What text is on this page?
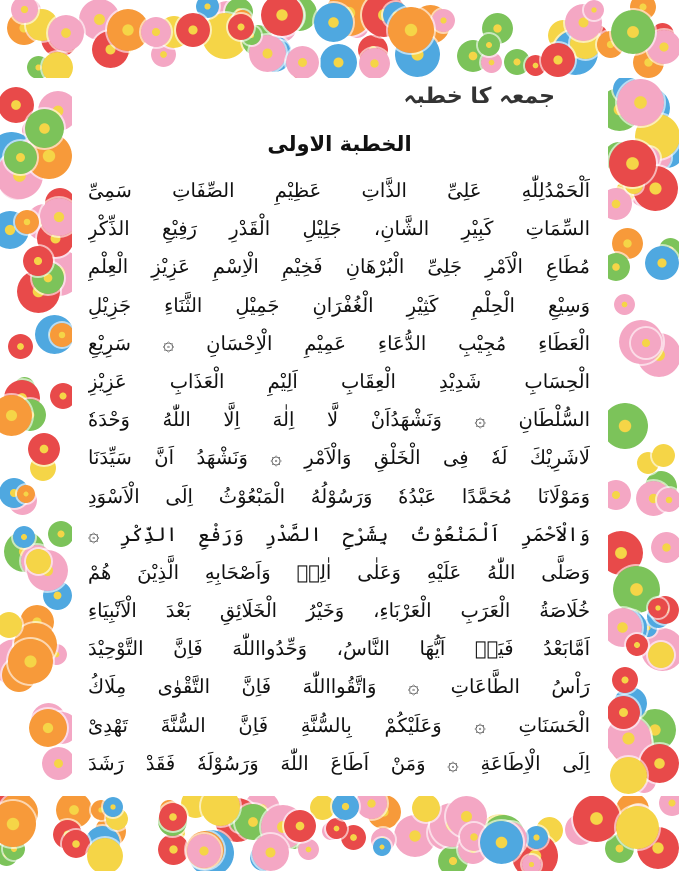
جمعہ کا خطبہ
الخطبة الاولی
اَلْحَمْدُلِلّٰهِ عَلِیِّ الذَّاتِ عَظِیْمِ الصِّفَاتِ سَمِیِّ
السِّمَاتِ كَبِیْرِ الشَّانِ، جَلِیْلِ الْقَدْرِ رَفِیْعِ الذِّكْرِ
مُطَاعِ الْاَمْرِ جَلِیِّ الْبُرْهَانِ فَخِیْمِ الْاِسْمِ عَزِیْزِ الْعِلْمِ
وَسِیْعِ الْحِلْمِ كَثِیْرِ الْغُفْرَانِ جَمِیْلِ الثَّنَاءِ جَزِیْلِ
الْعَطَاءِ مُجِیْبِ الدُّعَاءِ عَمِیْمِ الْاِحْسَانِ ۞ سَرِیْعِ
الْحِسَابِ شَدِیْدِ الْعِقَابِ اَلِیْمِ الْعَذَابِ عَزِیْزِ
السُّلْطَانِ ۞ وَنَشْهَدُاَنْ لَّا اِلٰهَ اِلَّا اللّٰهُ وَحْدَهٗ
لَاشَرِیْكَ لَهٗ فِی الْخَلْقِ وَالْاَمْرِ ۞ وَنَشْهَدُ اَنَّ سَیِّدَنَا
وَمَوْلَانَا مُحَمَّدًا عَبْدُهٗ وَرَسُوْلُهُ الْمَبْعُوْثُ اِلَی الْاَسْوَدِ
وَالْاَحْمَرِ اَلْمَنْعُوْتُ بِشَرْحِ الصَّدْرِ وَرَفْعِ الذِّكْرِ ۞
وَصَلَّی اللّٰهُ عَلَیْهِ وَعَلٰی اٰلِهٖ وَاَصْحَابِهِ الَّذِیْنَ هُمْ
خُلَاصَةُ الْعَرَبِ الْعَرْبَاءِ، وَخَیْرُ الْخَلَائِقِ بَعْدَ الْاَنْبِیَاءِ
اَمَّابَعْدُ فَیَاۤ اَیُّهَا النَّاسُ، وَحِّدُوااللّٰهَ فَاِنَّ التَّوْحِیْدَ
رَاْسُ الطَّاعَاتِ ۞ وَاتَّقُوااللّٰهَ فَاِنَّ التَّقْوٰی مِلَاكُ
الْحَسَنَاتِ ۞ وَعَلَیْكُمْ بِالسُّنَّةِ فَاِنَّ السُّنَّةَ تَهْدِیْ
اِلَی الْاِطَاعَةِ ۞ وَمَنْ اَطَاعَ اللّٰهَ وَرَسُوْلَهٗ فَقَدْ رَشَدَ
